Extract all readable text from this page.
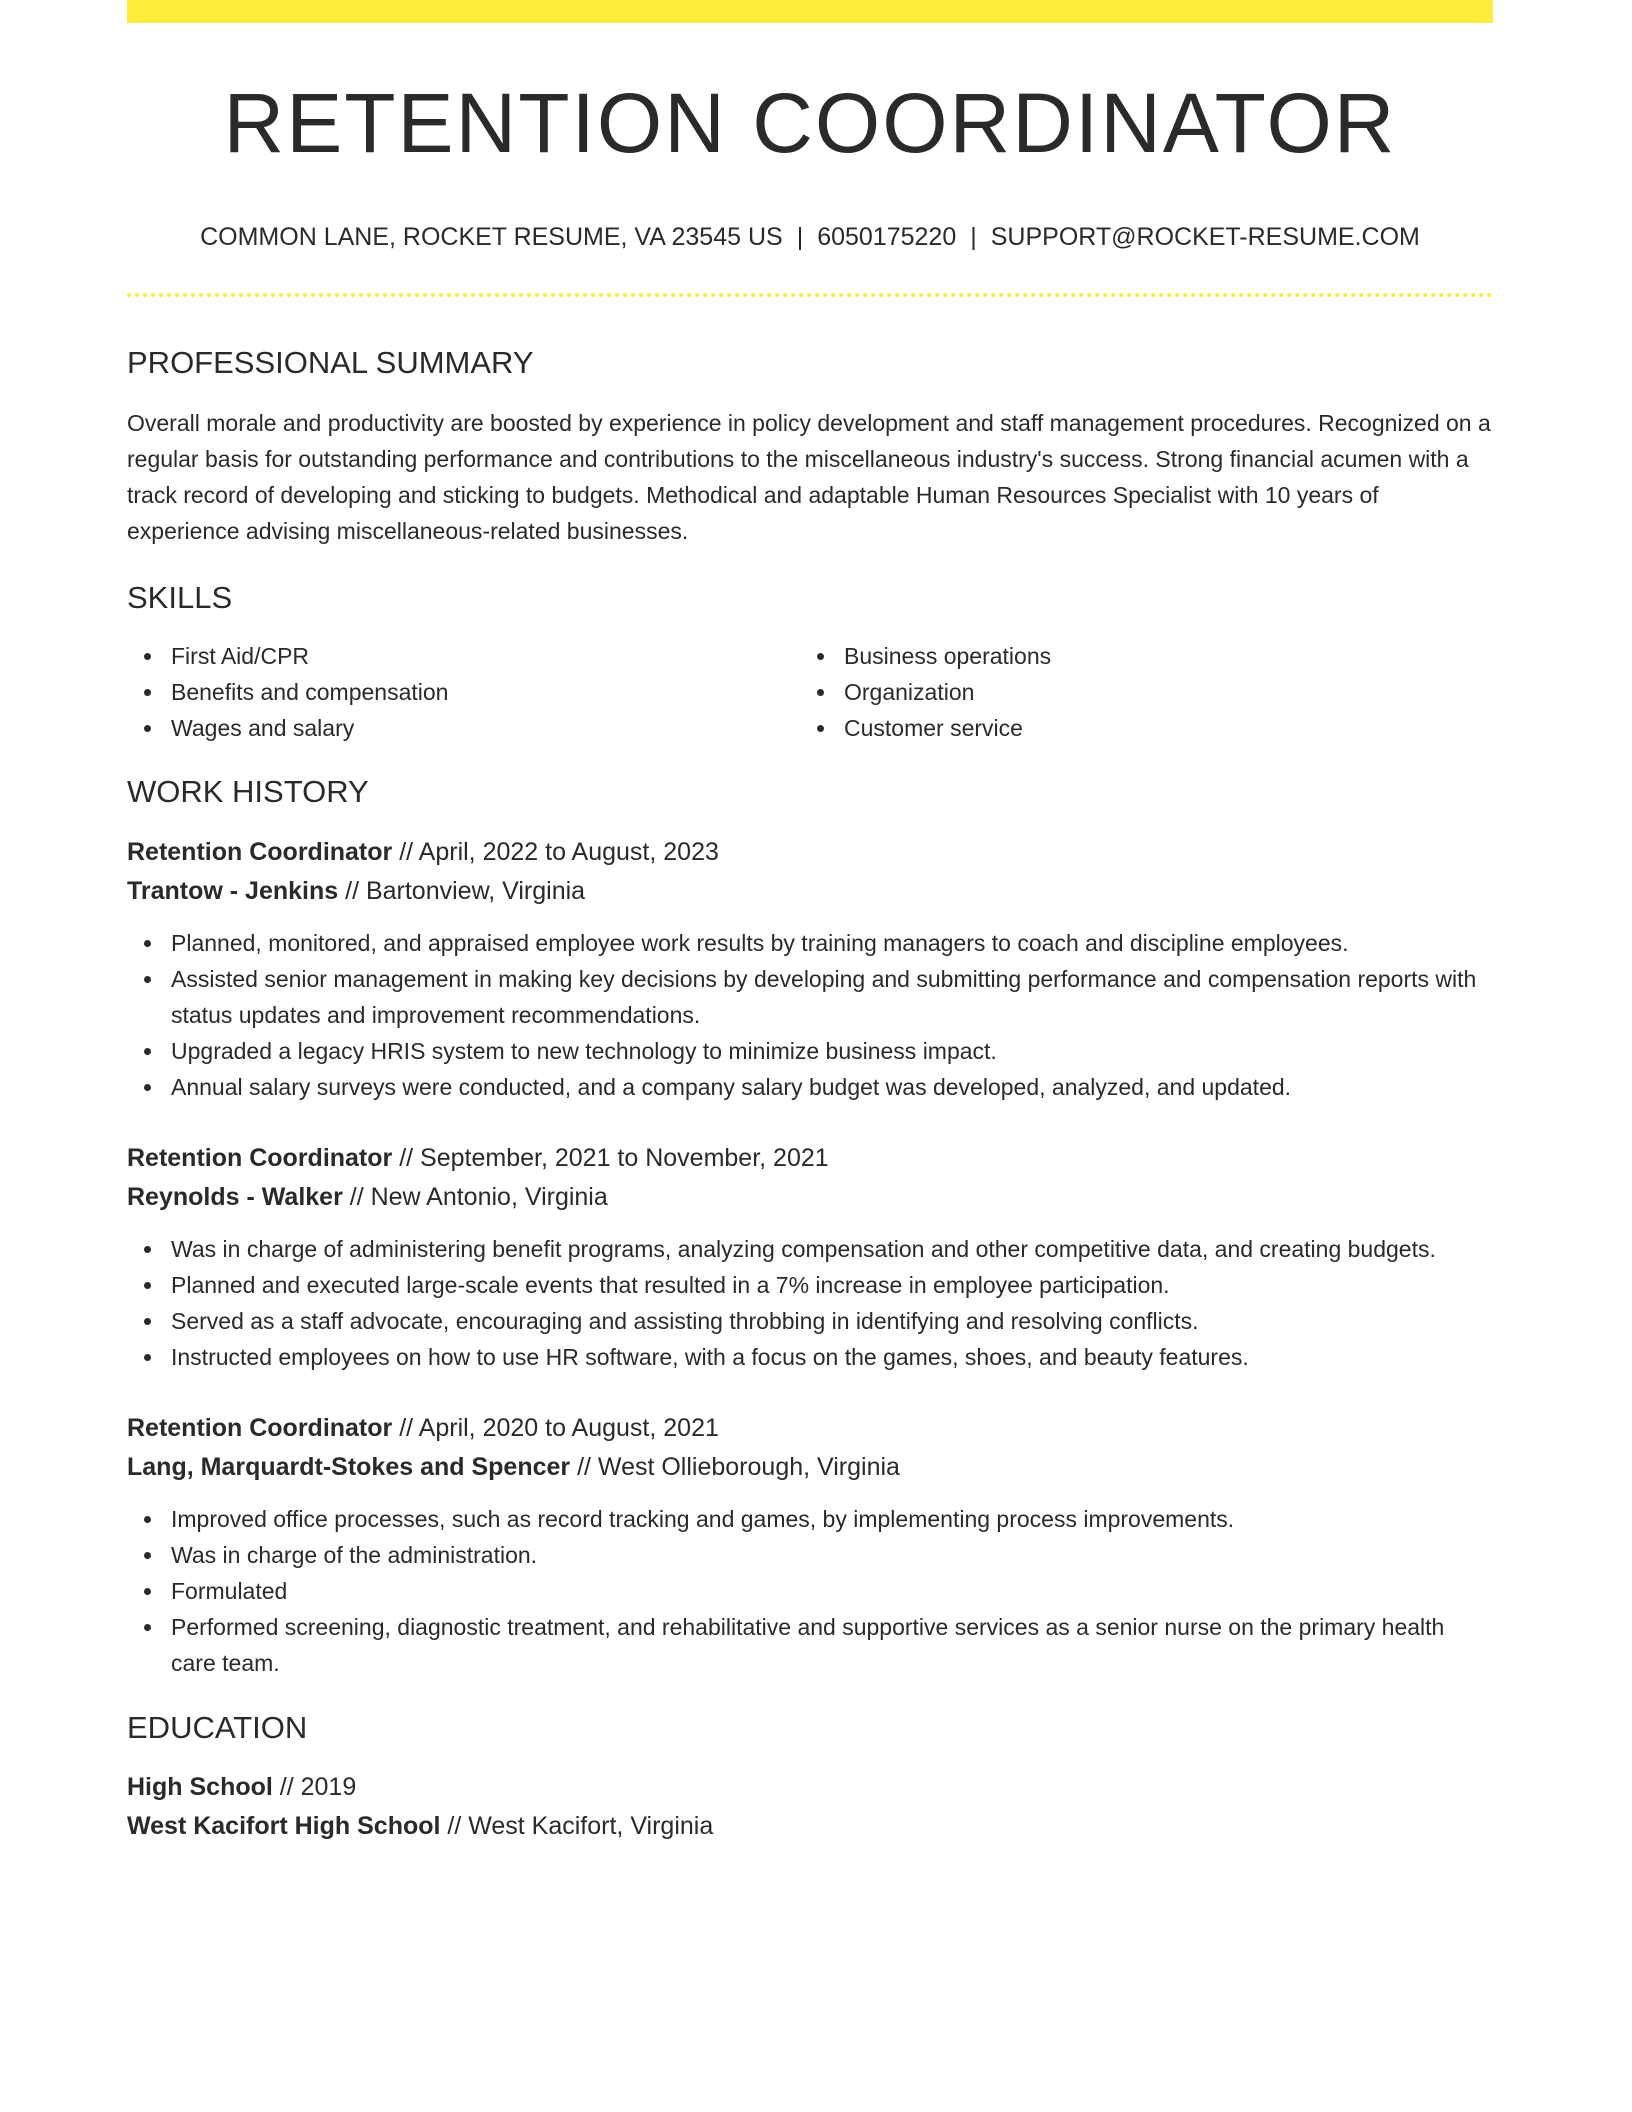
RETENTION COORDINATOR
COMMON LANE, ROCKET RESUME, VA 23545 US | 6050175220 | SUPPORT@ROCKET-RESUME.COM
PROFESSIONAL SUMMARY

Overall morale and productivity are boosted by experience in policy development and staff management procedures. Recognized on a regular basis for outstanding performance and contributions to the miscellaneous industry's success. Strong financial acumen with a track record of developing and sticking to budgets. Methodical and adaptable Human Resources Specialist with 10 years of experience advising miscellaneous-related businesses.

SKILLS
First Aid/CPR
Benefits and compensation
Wages and salary
Business operations
Organization
Customer service
WORK HISTORY
Retention Coordinator // April, 2022 to August, 2023
Trantow - Jenkins // Bartonview, Virginia
Planned, monitored, and appraised employee work results by training managers to coach and discipline employees.
Assisted senior management in making key decisions by developing and submitting performance and compensation reports with status updates and improvement recommendations.
Upgraded a legacy HRIS system to new technology to minimize business impact.
Annual salary surveys were conducted, and a company salary budget was developed, analyzed, and updated.
Retention Coordinator // September, 2021 to November, 2021
Reynolds - Walker // New Antonio, Virginia
Was in charge of administering benefit programs, analyzing compensation and other competitive data, and creating budgets.
Planned and executed large-scale events that resulted in a 7% increase in employee participation.
Served as a staff advocate, encouraging and assisting throbbing in identifying and resolving conflicts.
Instructed employees on how to use HR software, with a focus on the games, shoes, and beauty features.
Retention Coordinator // April, 2020 to August, 2021
Lang, Marquardt-Stokes and Spencer // West Ollieborough, Virginia
Improved office processes, such as record tracking and games, by implementing process improvements.
Was in charge of the administration.
Formulated
Performed screening, diagnostic treatment, and rehabilitative and supportive services as a senior nurse on the primary health care team.
EDUCATION
High School // 2019
West Kacifort High School // West Kacifort, Virginia
